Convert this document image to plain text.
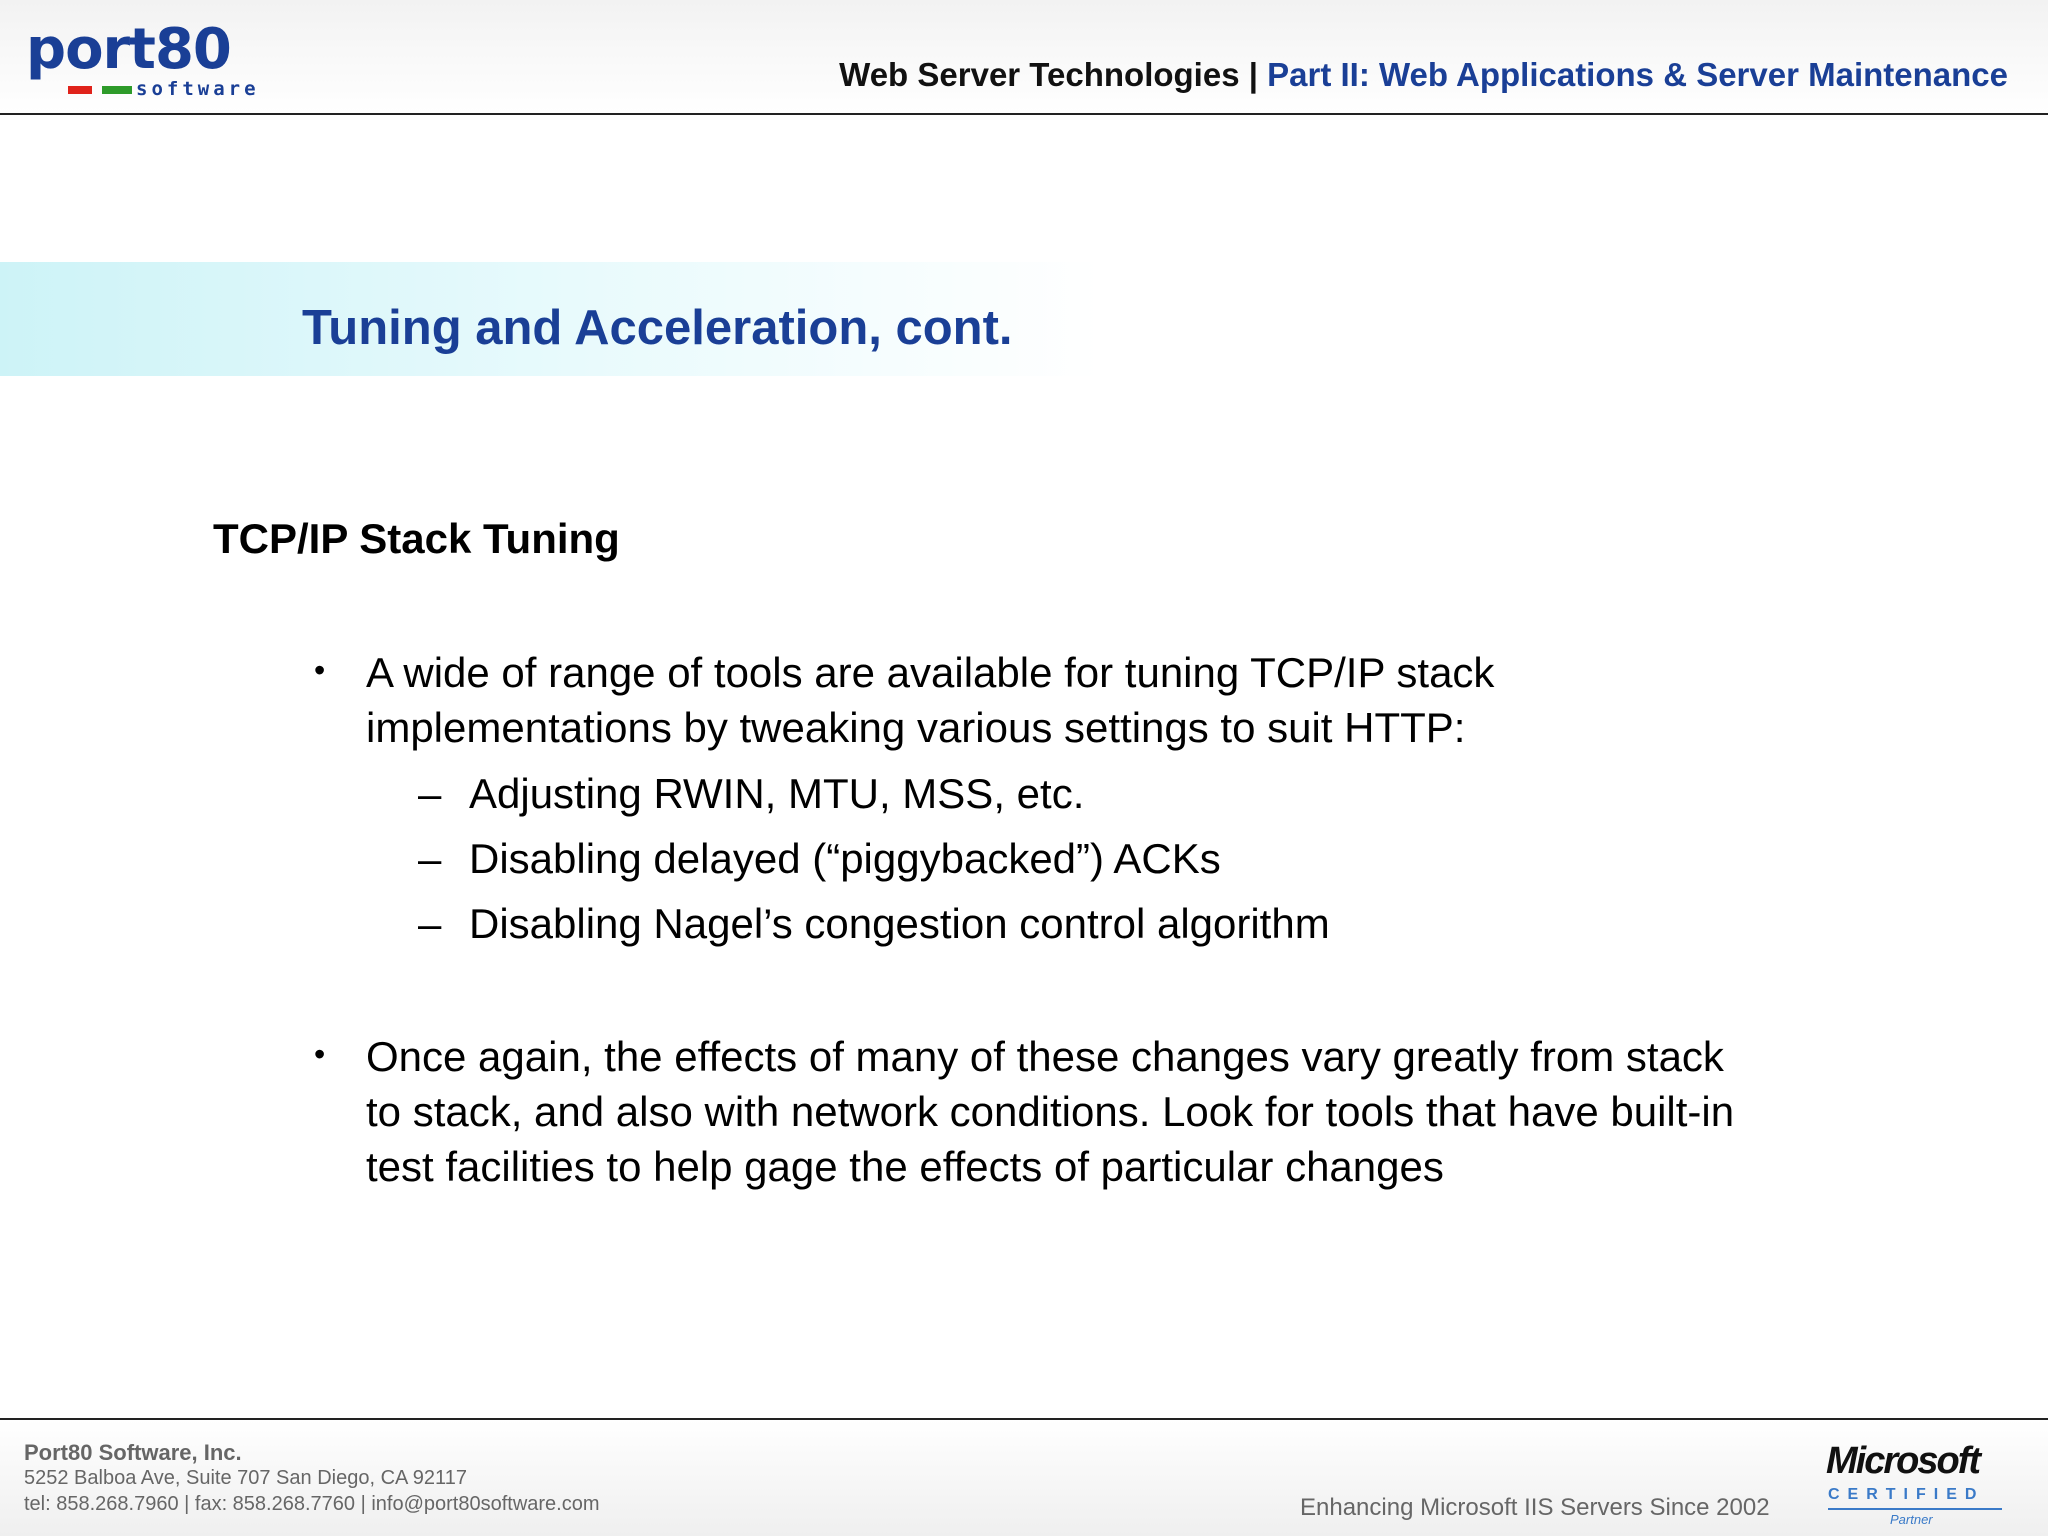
port80
software	Web Server Technologies | Part II: Web Applications & Server Maintenance
Tuning and Acceleration, cont.
TCP/IP Stack Tuning
• A wide of range of tools are available for tuning TCP/IP stack
implementations by tweaking various settings to suit HTTP:
– Adjusting RWIN, MTU, MSS, etc.
– Disabling delayed (“piggybacked”) ACKs
– Disabling Nagel’s congestion control algorithm
• Once again, the effects of many of these changes vary greatly from stack
to stack, and also with network conditions. Look for tools that have built-in
test facilities to help gage the effects of particular changes
Port80 Software, Inc.
5252 Balboa Ave, Suite 707 San Diego, CA 92117
tel: 858.268.7960 | fax: 858.268.7760 | info@port80software.com	Enhancing Microsoft IIS Servers Since 2002
Microsoft
CERTIFIED
Partner
